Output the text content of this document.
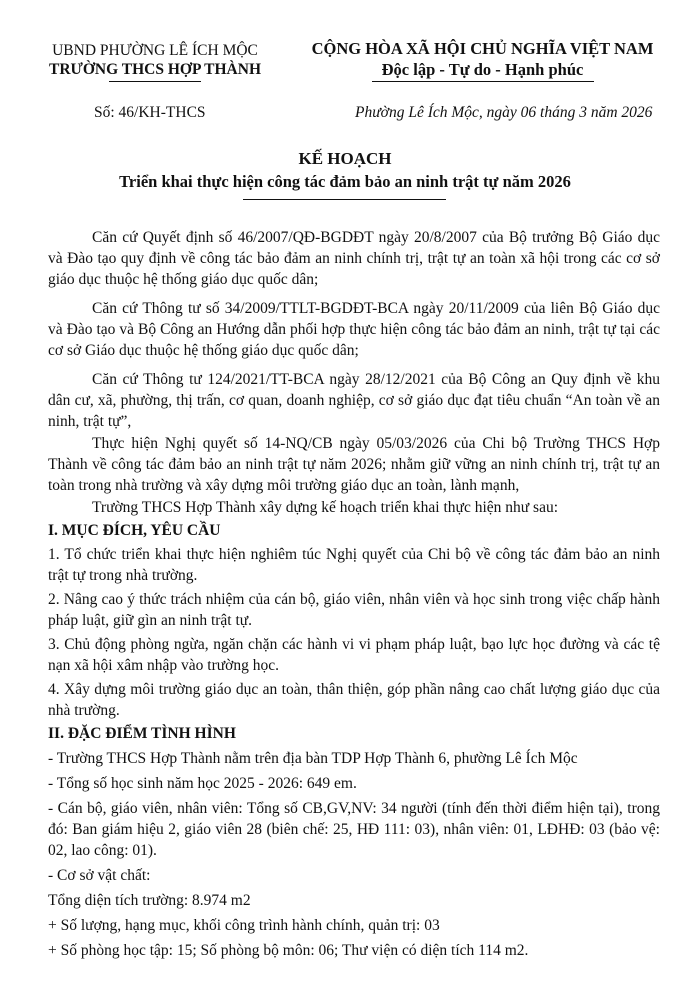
UBND PHƯỜNG LÊ ÍCH MỘC
TRƯỜNG THCS HỢP THÀNH
CỘNG HÒA XÃ HỘI CHỦ NGHĨA VIỆT NAM
Độc lập - Tự do - Hạnh phúc
Số: 46/KH-THCS	Phường Lê Ích Mộc, ngày 06 tháng 3 năm 2026
KẾ HOẠCH
Triển khai thực hiện công tác đảm bảo an ninh trật tự năm 2026

Căn cứ Quyết định số 46/2007/QĐ-BGDĐT ngày 20/8/2007 của Bộ trưởng Bộ Giáo dục và Đào tạo quy định về công tác bảo đảm an ninh chính trị, trật tự an toàn xã hội trong các cơ sở giáo dục thuộc hệ thống giáo dục quốc dân;

Căn cứ Thông tư số 34/2009/TTLT-BGDĐT-BCA ngày 20/11/2009 của liên Bộ Giáo dục và Đào tạo và Bộ Công an Hướng dẫn phối hợp thực hiện công tác bảo đảm an ninh, trật tự tại các cơ sở Giáo dục thuộc hệ thống giáo dục quốc dân;

Căn cứ Thông tư 124/2021/TT-BCA ngày 28/12/2021 của Bộ Công an Quy định về khu dân cư, xã, phường, thị trấn, cơ quan, doanh nghiệp, cơ sở giáo dục đạt tiêu chuẩn “An toàn về an ninh, trật tự”,

Thực hiện Nghị quyết số 14-NQ/CB ngày 05/03/2026 của Chi bộ Trường THCS Hợp Thành về công tác đảm bảo an ninh trật tự năm 2026; nhằm giữ vững an ninh chính trị, trật tự an toàn trong nhà trường và xây dựng môi trường giáo dục an toàn, lành mạnh,

Trường THCS Hợp Thành xây dựng kế hoạch triển khai thực hiện như sau:

I. MỤC ĐÍCH, YÊU CẦU

1. Tổ chức triển khai thực hiện nghiêm túc Nghị quyết của Chi bộ về công tác đảm bảo an ninh trật tự trong nhà trường.

2. Nâng cao ý thức trách nhiệm của cán bộ, giáo viên, nhân viên và học sinh trong việc chấp hành pháp luật, giữ gìn an ninh trật tự.

3. Chủ động phòng ngừa, ngăn chặn các hành vi vi phạm pháp luật, bạo lực học đường và các tệ nạn xã hội xâm nhập vào trường học.

4. Xây dựng môi trường giáo dục an toàn, thân thiện, góp phần nâng cao chất lượng giáo dục của nhà trường.

II. ĐẶC ĐIỂM TÌNH HÌNH

- Trường THCS Hợp Thành nằm trên địa bàn TDP Hợp Thành 6, phường Lê Ích Mộc

- Tổng số học sinh năm học 2025 - 2026: 649 em.

- Cán bộ, giáo viên, nhân viên: Tổng số CB,GV,NV: 34 người (tính đến thời điểm hiện tại), trong đó: Ban giám hiệu 2, giáo viên 28 (biên chế: 25, HĐ 111: 03), nhân viên: 01, LĐHĐ: 03 (bảo vệ: 02, lao công: 01).

- Cơ sở vật chất:

Tổng diện tích trường: 8.974 m2

+ Số lượng, hạng mục, khối công trình hành chính, quản trị: 03

+ Số phòng học tập: 15; Số phòng bộ môn: 06; Thư viện có diện tích 114 m2.
